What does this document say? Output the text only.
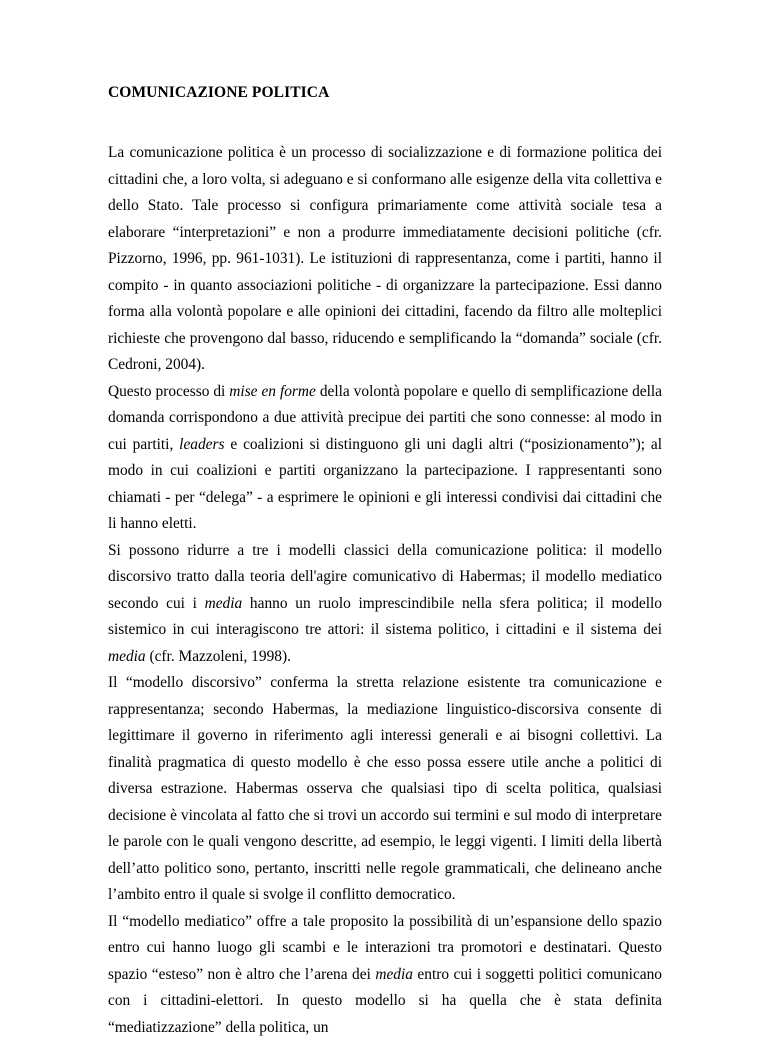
COMUNICAZIONE POLITICA

La comunicazione politica è un processo di socializzazione e di formazione politica dei cittadini che, a loro volta, si adeguano e si conformano alle esigenze della vita collettiva e dello Stato. Tale processo si configura primariamente come attività sociale tesa a elaborare “interpretazioni” e non a produrre immediatamente decisioni politiche (cfr. Pizzorno, 1996, pp. 961-1031). Le istituzioni di rappresentanza, come i partiti, hanno il compito - in quanto associazioni politiche - di organizzare la partecipazione. Essi danno forma alla volontà popolare e alle opinioni dei cittadini, facendo da filtro alle molteplici richieste che provengono dal basso, riducendo e semplificando la “domanda” sociale (cfr. Cedroni, 2004).

Questo processo di mise en forme della volontà popolare e quello di semplificazione della domanda corrispondono a due attività precipue dei partiti che sono connesse: al modo in cui partiti, leaders e coalizioni si distinguono gli uni dagli altri (“posizionamento”); al modo in cui coalizioni e partiti organizzano la partecipazione. I rappresentanti sono chiamati - per “delega” - a esprimere le opinioni e gli interessi condivisi dai cittadini che li hanno eletti.

Si possono ridurre a tre i modelli classici della comunicazione politica: il modello discorsivo tratto dalla teoria dell'agire comunicativo di Habermas; il modello mediatico secondo cui i media hanno un ruolo imprescindibile nella sfera politica; il modello sistemico in cui interagiscono tre attori: il sistema politico, i cittadini e il sistema dei media (cfr. Mazzoleni, 1998).

Il “modello discorsivo” conferma la stretta relazione esistente tra comunicazione e rappresentanza; secondo Habermas, la mediazione linguistico-discorsiva consente di legittimare il governo in riferimento agli interessi generali e ai bisogni collettivi. La finalità pragmatica di questo modello è che esso possa essere utile anche a politici di diversa estrazione. Habermas osserva che qualsiasi tipo di scelta politica, qualsiasi decisione è vincolata al fatto che si trovi un accordo sui termini e sul modo di interpretare le parole con le quali vengono descritte, ad esempio, le leggi vigenti. I limiti della libertà dell’atto politico sono, pertanto, inscritti nelle regole grammaticali, che delineano anche l’ambito entro il quale si svolge il conflitto democratico.

Il “modello mediatico” offre a tale proposito la possibilità di un’espansione dello spazio entro cui hanno luogo gli scambi e le interazioni tra promotori e destinatari. Questo spazio “esteso” non è altro che l’arena dei media entro cui i soggetti politici comunicano con i cittadini-elettori. In questo modello si ha quella che è stata definita “mediatizzazione” della politica, un
